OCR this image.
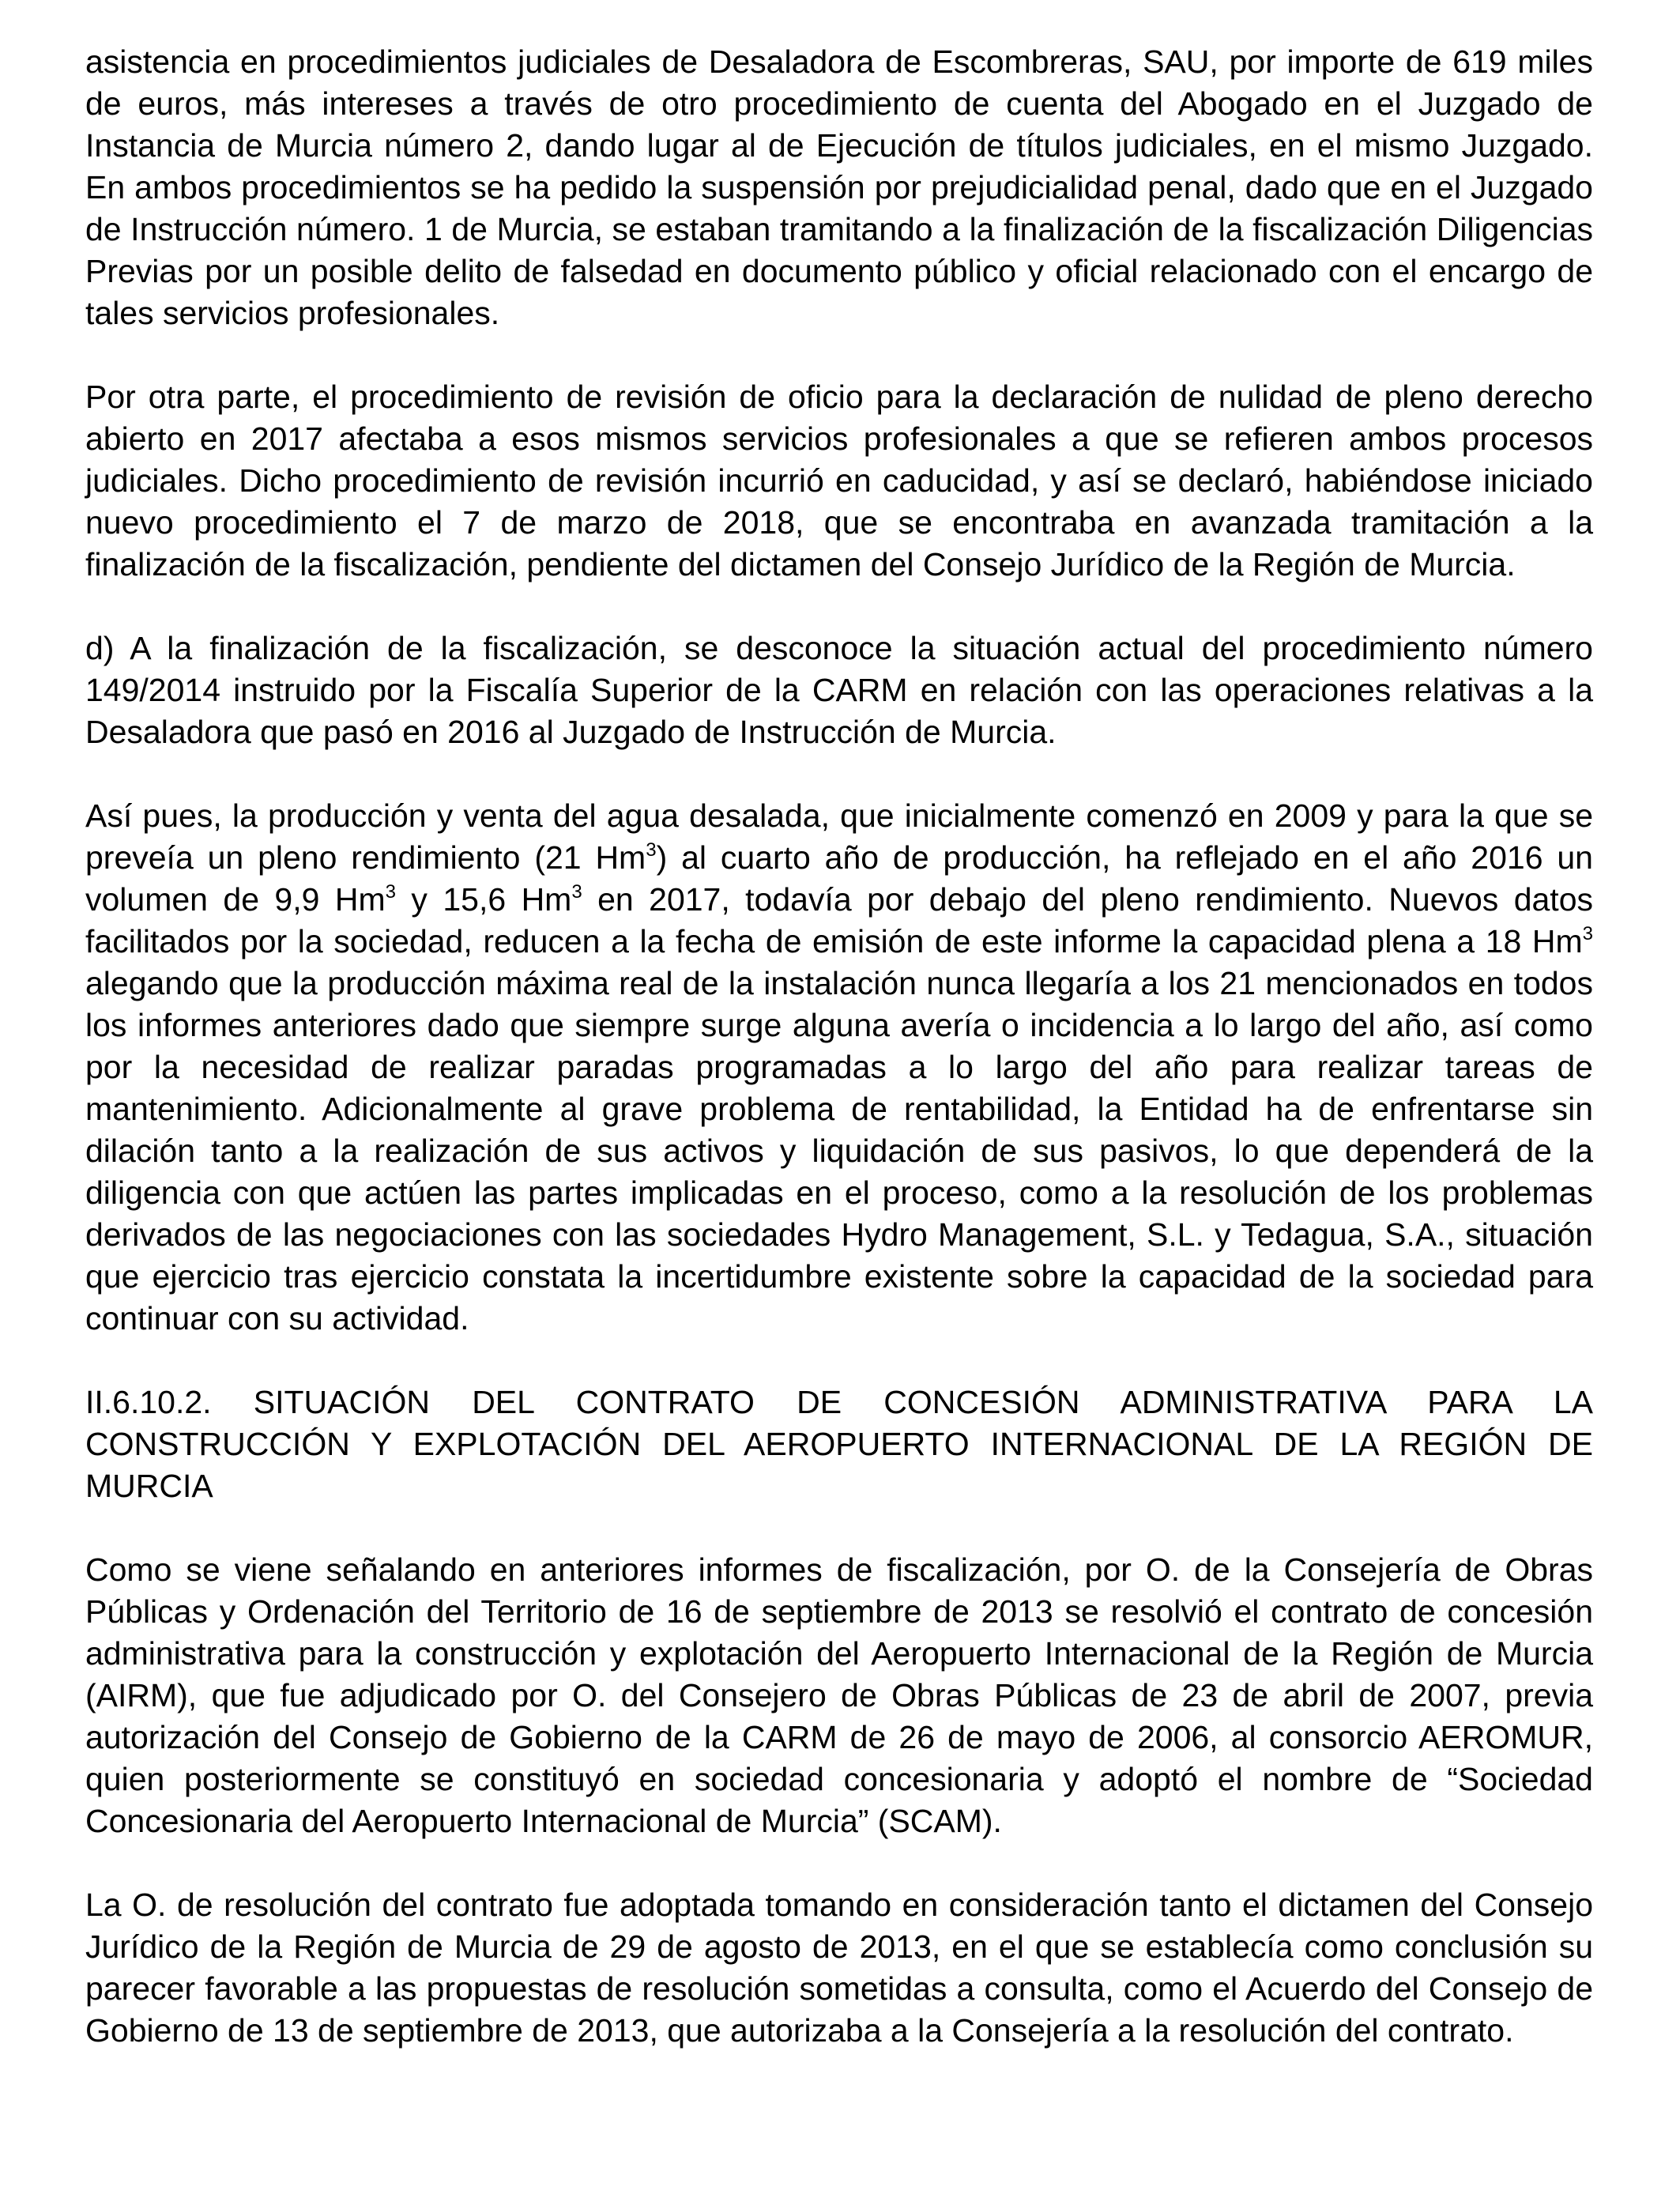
asistencia en procedimientos judiciales de Desaladora de Escombreras, SAU, por importe de 619 miles de euros, más intereses a través de otro procedimiento de cuenta del Abogado en el Juzgado de Instancia de Murcia número 2, dando lugar al de Ejecución de títulos judiciales, en el mismo Juzgado. En ambos procedimientos se ha pedido la suspensión por prejudicialidad penal, dado que en el Juzgado de Instrucción número. 1 de Murcia, se estaban tramitando a la finalización de la fiscalización Diligencias Previas por un posible delito de falsedad en documento público y oficial relacionado con el encargo de tales servicios profesionales.

Por otra parte, el procedimiento de revisión de oficio para la declaración de nulidad de pleno derecho abierto en 2017 afectaba a esos mismos servicios profesionales a que se refieren ambos procesos judiciales. Dicho procedimiento de revisión incurrió en caducidad, y así se declaró, habiéndose iniciado nuevo procedimiento el 7 de marzo de 2018, que se encontraba en avanzada tramitación a la finalización de la fiscalización, pendiente del dictamen del Consejo Jurídico de la Región de Murcia.

d) A la finalización de la fiscalización, se desconoce la situación actual del procedimiento número 149/2014 instruido por la Fiscalía Superior de la CARM en relación con las operaciones relativas a la Desaladora que pasó en 2016 al Juzgado de Instrucción de Murcia.

Así pues, la producción y venta del agua desalada, que inicialmente comenzó en 2009 y para la que se preveía un pleno rendimiento (21 Hm$^3$) al cuarto año de producción, ha reflejado en el año 2016 un volumen de 9,9 Hm$^3$ y 15,6 Hm$^3$ en 2017, todavía por debajo del pleno rendimiento. Nuevos datos facilitados por la sociedad, reducen a la fecha de emisión de este informe la capacidad plena a 18 Hm$^3$ alegando que la producción máxima real de la instalación nunca llegaría a los 21 mencionados en todos los informes anteriores dado que siempre surge alguna avería o incidencia a lo largo del año, así como por la necesidad de realizar paradas programadas a lo largo del año para realizar tareas de mantenimiento. Adicionalmente al grave problema de rentabilidad, la Entidad ha de enfrentarse sin dilación tanto a la realización de sus activos y liquidación de sus pasivos, lo que dependerá de la diligencia con que actúen las partes implicadas en el proceso, como a la resolución de los problemas derivados de las negociaciones con las sociedades Hydro Management, S.L. y Tedagua, S.A., situación que ejercicio tras ejercicio constata la incertidumbre existente sobre la capacidad de la sociedad para continuar con su actividad.

II.6.10.2. SITUACIÓN DEL CONTRATO DE CONCESIÓN ADMINISTRATIVA PARA LA CONSTRUCCIÓN Y EXPLOTACIÓN DEL AEROPUERTO INTERNACIONAL DE LA REGIÓN DE MURCIA

Como se viene señalando en anteriores informes de fiscalización, por O. de la Consejería de Obras Públicas y Ordenación del Territorio de 16 de septiembre de 2013 se resolvió el contrato de concesión administrativa para la construcción y explotación del Aeropuerto Internacional de la Región de Murcia (AIRM), que fue adjudicado por O. del Consejero de Obras Públicas de 23 de abril de 2007, previa autorización del Consejo de Gobierno de la CARM de 26 de mayo de 2006, al consorcio AEROMUR, quien posteriormente se constituyó en sociedad concesionaria y adoptó el nombre de “Sociedad Concesionaria del Aeropuerto Internacional de Murcia” (SCAM).

La O. de resolución del contrato fue adoptada tomando en consideración tanto el dictamen del Consejo Jurídico de la Región de Murcia de 29 de agosto de 2013, en el que se establecía como conclusión su parecer favorable a las propuestas de resolución sometidas a consulta, como el Acuerdo del Consejo de Gobierno de 13 de septiembre de 2013, que autorizaba a la Consejería a la resolución del contrato.
